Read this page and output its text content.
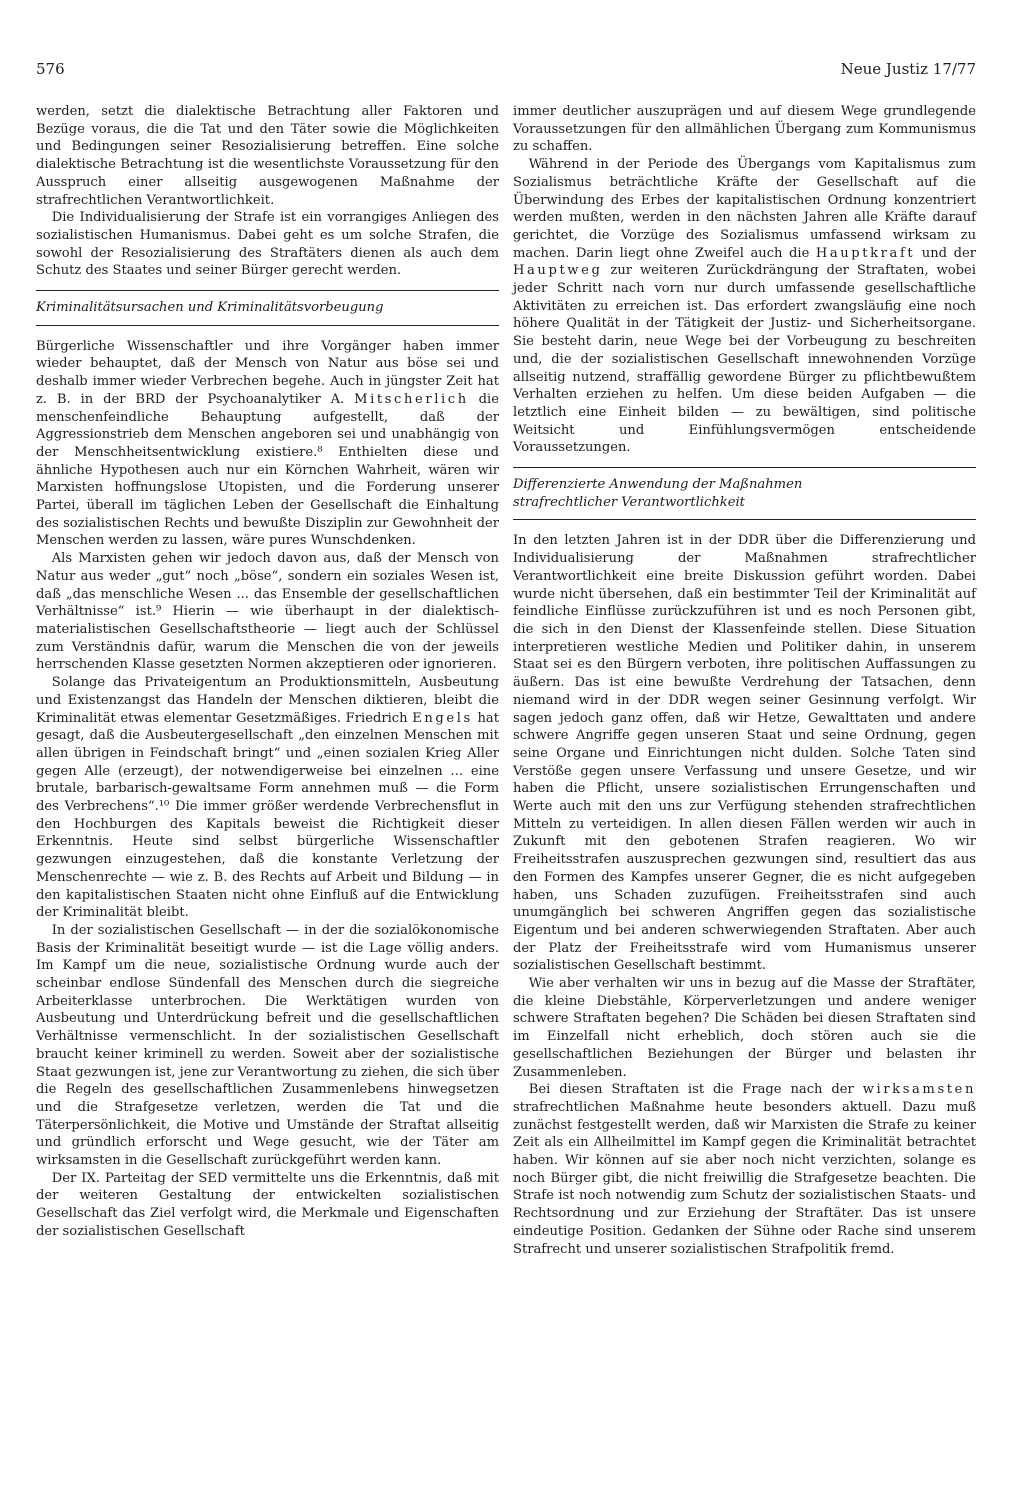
576	Neue Justiz 17/77

werden, setzt die dialektische Betrachtung aller Faktoren und Bezüge voraus, die die Tat und den Täter sowie die Möglichkeiten und Bedingungen seiner Resozialisierung betreffen. Eine solche dialektische Betrachtung ist die wesentlichste Voraussetzung für den Ausspruch einer allseitig ausgewogenen Maßnahme der strafrechtlichen Verantwortlichkeit.

Die Individualisierung der Strafe ist ein vorrangiges Anliegen des sozialistischen Humanismus. Dabei geht es um solche Strafen, die sowohl der Resozialisierung des Straftäters dienen als auch dem Schutz des Staates und seiner Bürger gerecht werden.

Kriminalitätsursachen und Kriminalitätsvorbeugung

Bürgerliche Wissenschaftler und ihre Vorgänger haben immer wieder behauptet, daß der Mensch von Natur aus böse sei und deshalb immer wieder Verbrechen begehe. Auch in jüngster Zeit hat z. B. in der BRD der Psychoanalytiker A. Mitscherlich die menschenfeindliche Behauptung aufgestellt, daß der Aggressionstrieb dem Menschen angeboren sei und unabhängig von der Menschheitsentwicklung existiere.⁸ Enthielten diese und ähnliche Hypothesen auch nur ein Körnchen Wahrheit, wären wir Marxisten hoffnungslose Utopisten, und die Forderung unserer Partei, überall im täglichen Leben der Gesellschaft die Einhaltung des sozialistischen Rechts und bewußte Disziplin zur Gewohnheit der Menschen werden zu lassen, wäre pures Wunschdenken.

Als Marxisten gehen wir jedoch davon aus, daß der Mensch von Natur aus weder „gut“ noch „böse“, sondern ein soziales Wesen ist, daß „das menschliche Wesen ... das Ensemble der gesellschaftlichen Verhältnisse“ ist.⁹ Hierin — wie überhaupt in der dialektisch-materialistischen Gesellschaftstheorie — liegt auch der Schlüssel zum Verständnis dafür, warum die Menschen die von der jeweils herrschenden Klasse gesetzten Normen akzeptieren oder ignorieren.

Solange das Privateigentum an Produktionsmitteln, Ausbeutung und Existenzangst das Handeln der Menschen diktieren, bleibt die Kriminalität etwas elementar Gesetzmäßiges. Friedrich Engels hat gesagt, daß die Ausbeutergesellschaft „den einzelnen Menschen mit allen übrigen in Feindschaft bringt“ und „einen sozialen Krieg Aller gegen Alle (erzeugt), der notwendigerweise bei einzelnen ... eine brutale, barbarisch-gewaltsame Form annehmen muß — die Form des Verbrechens“.¹⁰ Die immer größer werdende Verbrechensflut in den Hochburgen des Kapitals beweist die Richtigkeit dieser Erkenntnis. Heute sind selbst bürgerliche Wissenschaftler gezwungen einzugestehen, daß die konstante Verletzung der Menschenrechte — wie z. B. des Rechts auf Arbeit und Bildung — in den kapitalistischen Staaten nicht ohne Einfluß auf die Entwicklung der Kriminalität bleibt.

In der sozialistischen Gesellschaft — in der die sozialökonomische Basis der Kriminalität beseitigt wurde — ist die Lage völlig anders. Im Kampf um die neue, sozialistische Ordnung wurde auch der scheinbar endlose Sündenfall des Menschen durch die siegreiche Arbeiterklasse unterbrochen. Die Werktätigen wurden von Ausbeutung und Unterdrückung befreit und die gesellschaftlichen Verhältnisse vermenschlicht. In der sozialistischen Gesellschaft braucht keiner kriminell zu werden. Soweit aber der sozialistische Staat gezwungen ist, jene zur Verantwortung zu ziehen, die sich über die Regeln des gesellschaftlichen Zusammenlebens hinwegsetzen und die Strafgesetze verletzen, werden die Tat und die Täterpersönlichkeit, die Motive und Umstände der Straftat allseitig und gründlich erforscht und Wege gesucht, wie der Täter am wirksamsten in die Gesellschaft zurückgeführt werden kann.

Der IX. Parteitag der SED vermittelte uns die Erkenntnis, daß mit der weiteren Gestaltung der entwickelten sozialistischen Gesellschaft das Ziel verfolgt wird, die Merkmale und Eigenschaften der sozialistischen Gesellschaft

immer deutlicher auszuprägen und auf diesem Wege grundlegende Voraussetzungen für den allmählichen Übergang zum Kommunismus zu schaffen.

Während in der Periode des Übergangs vom Kapitalismus zum Sozialismus beträchtliche Kräfte der Gesellschaft auf die Überwindung des Erbes der kapitalistischen Ordnung konzentriert werden mußten, werden in den nächsten Jahren alle Kräfte darauf gerichtet, die Vorzüge des Sozialismus umfassend wirksam zu machen. Darin liegt ohne Zweifel auch die Hauptkraft und der Hauptweg zur weiteren Zurückdrängung der Straftaten, wobei jeder Schritt nach vorn nur durch umfassende gesellschaftliche Aktivitäten zu erreichen ist. Das erfordert zwangsläufig eine noch höhere Qualität in der Tätigkeit der Justiz- und Sicherheitsorgane. Sie besteht darin, neue Wege bei der Vorbeugung zu beschreiten und, die der sozialistischen Gesellschaft innewohnenden Vorzüge allseitig nutzend, straffällig gewordene Bürger zu pflichtbewußtem Verhalten erziehen zu helfen. Um diese beiden Aufgaben — die letztlich eine Einheit bilden — zu bewältigen, sind politische Weitsicht und Einfühlungsvermögen entscheidende Voraussetzungen.

Differenzierte Anwendung der Maßnahmen
strafrechtlicher Verantwortlichkeit

In den letzten Jahren ist in der DDR über die Differenzierung und Individualisierung der Maßnahmen strafrechtlicher Verantwortlichkeit eine breite Diskussion geführt worden. Dabei wurde nicht übersehen, daß ein bestimmter Teil der Kriminalität auf feindliche Einflüsse zurückzuführen ist und es noch Personen gibt, die sich in den Dienst der Klassenfeinde stellen. Diese Situation interpretieren westliche Medien und Politiker dahin, in unserem Staat sei es den Bürgern verboten, ihre politischen Auffassungen zu äußern. Das ist eine bewußte Verdrehung der Tatsachen, denn niemand wird in der DDR wegen seiner Gesinnung verfolgt. Wir sagen jedoch ganz offen, daß wir Hetze, Gewalttaten und andere schwere Angriffe gegen unseren Staat und seine Ordnung, gegen seine Organe und Einrichtungen nicht dulden. Solche Taten sind Verstöße gegen unsere Verfassung und unsere Gesetze, und wir haben die Pflicht, unsere sozialistischen Errungenschaften und Werte auch mit den uns zur Verfügung stehenden strafrechtlichen Mitteln zu verteidigen. In allen diesen Fällen werden wir auch in Zukunft mit den gebotenen Strafen reagieren. Wo wir Freiheitsstrafen auszusprechen gezwungen sind, resultiert das aus den Formen des Kampfes unserer Gegner, die es nicht aufgegeben haben, uns Schaden zuzufügen. Freiheitsstrafen sind auch unumgänglich bei schweren Angriffen gegen das sozialistische Eigentum und bei anderen schwerwiegenden Straftaten. Aber auch der Platz der Freiheitsstrafe wird vom Humanismus unserer sozialistischen Gesellschaft bestimmt.

Wie aber verhalten wir uns in bezug auf die Masse der Straftäter, die kleine Diebstähle, Körperverletzungen und andere weniger schwere Straftaten begehen? Die Schäden bei diesen Straftaten sind im Einzelfall nicht erheblich, doch stören auch sie die gesellschaftlichen Beziehungen der Bürger und belasten ihr Zusammenleben.

Bei diesen Straftaten ist die Frage nach der wirksamsten strafrechtlichen Maßnahme heute besonders aktuell. Dazu muß zunächst festgestellt werden, daß wir Marxisten die Strafe zu keiner Zeit als ein Allheilmittel im Kampf gegen die Kriminalität betrachtet haben. Wir können auf sie aber noch nicht verzichten, solange es noch Bürger gibt, die nicht freiwillig die Strafgesetze beachten. Die Strafe ist noch notwendig zum Schutz der sozialistischen Staats- und Rechtsordnung und zur Erziehung der Straftäter. Das ist unsere eindeutige Position. Gedanken der Sühne oder Rache sind unserem Strafrecht und unserer sozialistischen Strafpolitik fremd.
